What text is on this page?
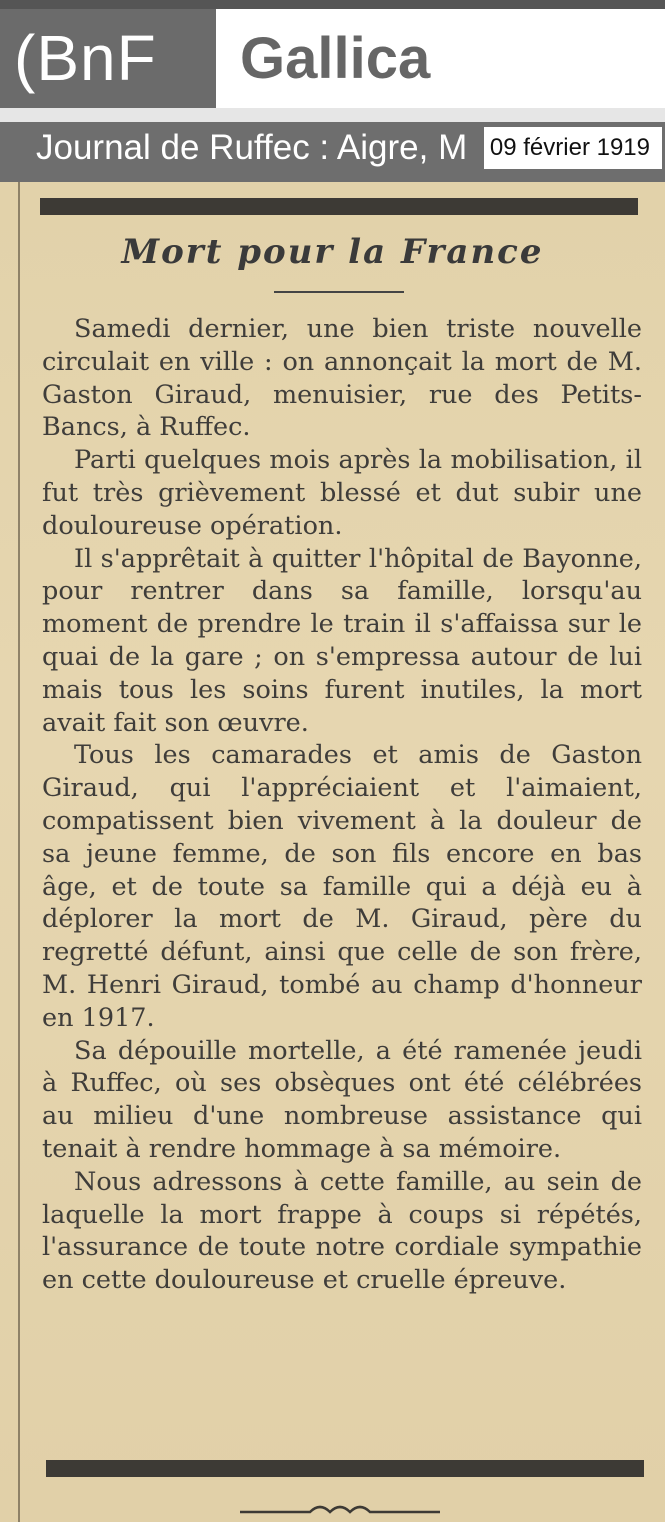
(BnF	Gallica
Journal de Ruffec : Aigre, M 09 février 1919
Mort pour la France

Samedi dernier, une bien triste nouvelle circulait en ville : on annonçait la mort de M. Gaston Giraud, menuisier, rue des Petits-Bancs, à Ruffec.

Parti quelques mois après la mobilisation, il fut très grièvement blessé et dut subir une douloureuse opération.

Il s'apprêtait à quitter l'hôpital de Bayonne, pour rentrer dans sa famille, lorsqu'au moment de prendre le train il s'affaissa sur le quai de la gare ; on s'empressa autour de lui mais tous les soins furent inutiles, la mort avait fait son œuvre.

Tous les camarades et amis de Gaston Giraud, qui l'appréciaient et l'aimaient, compatissent bien vivement à la douleur de sa jeune femme, de son fils encore en bas âge, et de toute sa famille qui a déjà eu à déplorer la mort de M. Giraud, père du regretté défunt, ainsi que celle de son frère, M. Henri Giraud, tombé au champ d'honneur en 1917.

Sa dépouille mortelle, a été ramenée jeudi à Ruffec, où ses obsèques ont été célébrées au milieu d'une nombreuse assistance qui tenait à rendre hommage à sa mémoire.

Nous adressons à cette famille, au sein de laquelle la mort frappe à coups si répétés, l'assurance de toute notre cordiale sympathie en cette douloureuse et cruelle épreuve.
